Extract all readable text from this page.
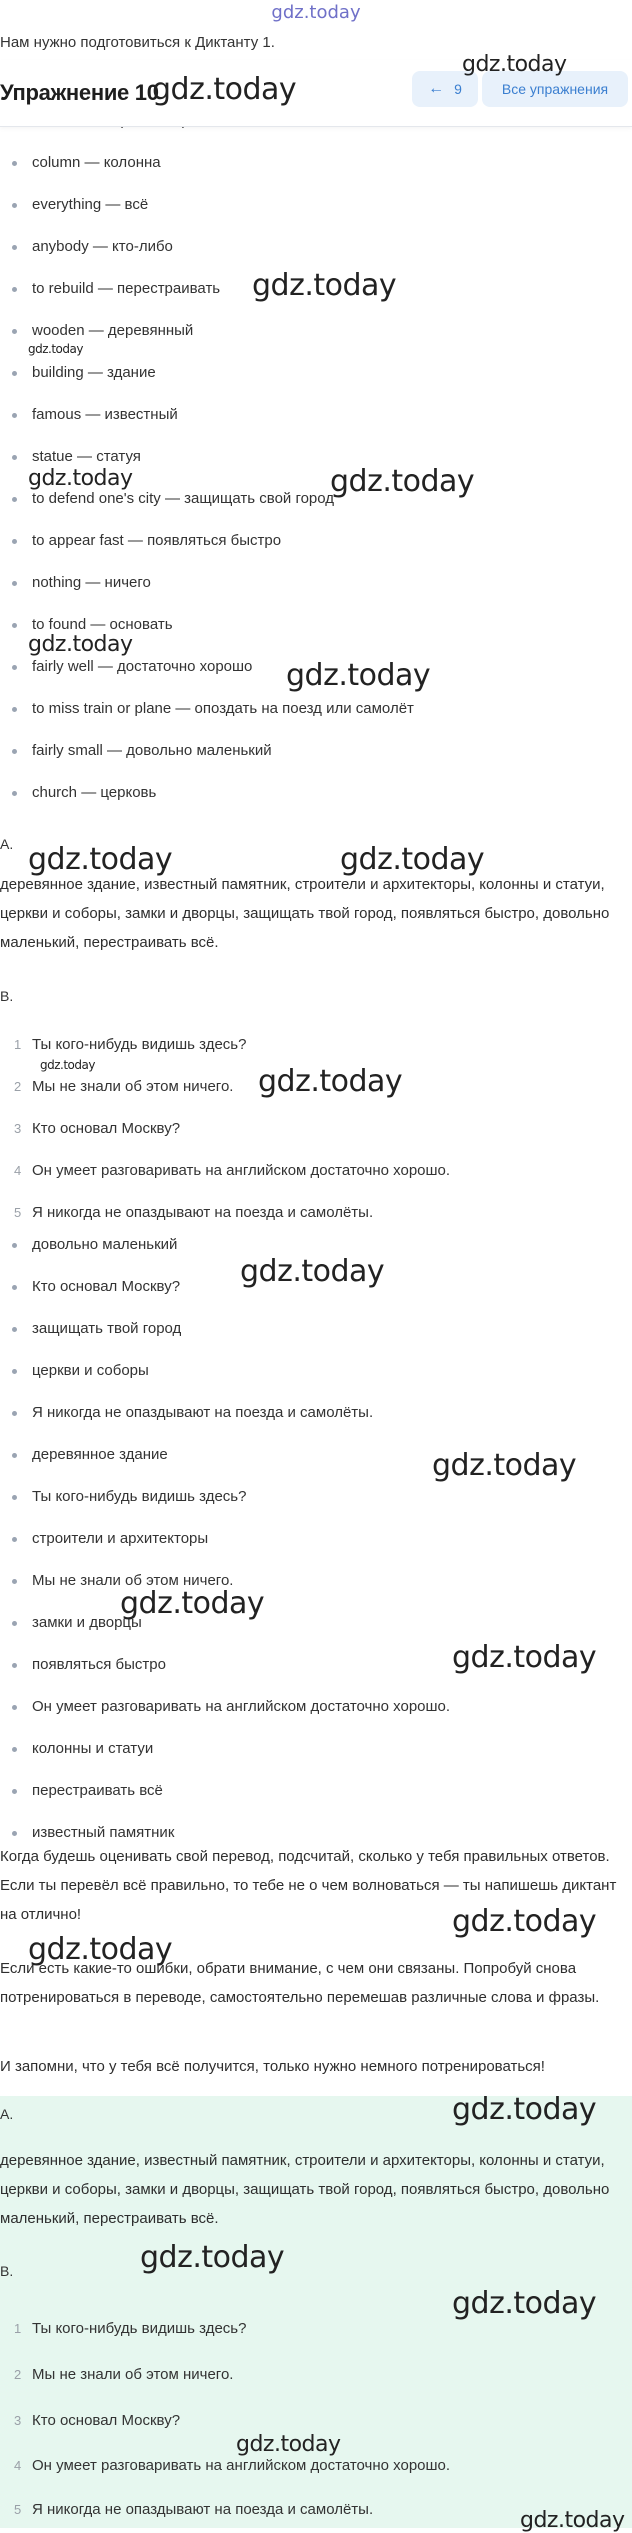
gdz.today
Нам нужно подготовиться к Диктанту 1.
column — колонна
everything — всё
anybody — кто-либо
to rebuild — перестраивать
wooden — деревянный
building — здание
famous — известный
statue — статуя
to defend one's city — защищать свой город
to appear fast — появляться быстро
nothing — ничего
to found — основать
fairly well — достаточно хорошо
to miss train or plane — опоздать на поезд или самолёт
fairly small — довольно маленький
church — церковь
A.
деревянное здание, известный памятник, строители и архитекторы, колонны и статуи, церкви и соборы, замки и дворцы, защищать твой город, появляться быстро, довольно маленький, перестраивать всё.
B.
1 Ты кого-нибудь видишь здесь?
2 Мы не знали об этом ничего.
3 Кто основал Москву?
4 Он умеет разговаривать на английском достаточно хорошо.
5 Я никогда не опаздывают на поезда и самолёты.
довольно маленький
Кто основал Москву?
защищать твой город
церкви и соборы
Я никогда не опаздывают на поезда и самолёты.
деревянное здание
Ты кого-нибудь видишь здесь?
строители и архитекторы
Мы не знали об этом ничего.
замки и дворцы
появляться быстро
Он умеет разговаривать на английском достаточно хорошо.
колонны и статуи
перестраивать всё
известный памятник
Когда будешь оценивать свой перевод, подсчитай, сколько у тебя правильных ответов. Если ты перевёл всё правильно, то тебе не о чем волноваться — ты напишешь диктант на отлично!
Если есть какие-то ошибки, обрати внимание, с чем они связаны. Попробуй снова потренироваться в переводе, самостоятельно перемешав различные слова и фразы.
И запомни, что у тебя всё получится, только нужно немного потренироваться!
A.
деревянное здание, известный памятник, строители и архитекторы, колонны и статуи, церкви и соборы, замки и дворцы, защищать твой город, появляться быстро, довольно маленький, перестраивать всё.
B.
1 Ты кого-нибудь видишь здесь?
2 Мы не знали об этом ничего.
3 Кто основал Москву?
4 Он умеет разговаривать на английском достаточно хорошо.
5 Я никогда не опаздывают на поезда и самолёты.
Упражнение 10	← 9	Все упражнения
gdz.today
gdz.today
gdz.today
gdz.today
gdz.today
gdz.today
gdz.today
gdz.today
gdz.today	gdz.today
gdz.today	gdz.today
gdz.today
gdz.today
gdz.today
gdz.today
gdz.today
gdz.today
gdz.today
gdz.today
gdz.today
gdz.today
gdz.today
